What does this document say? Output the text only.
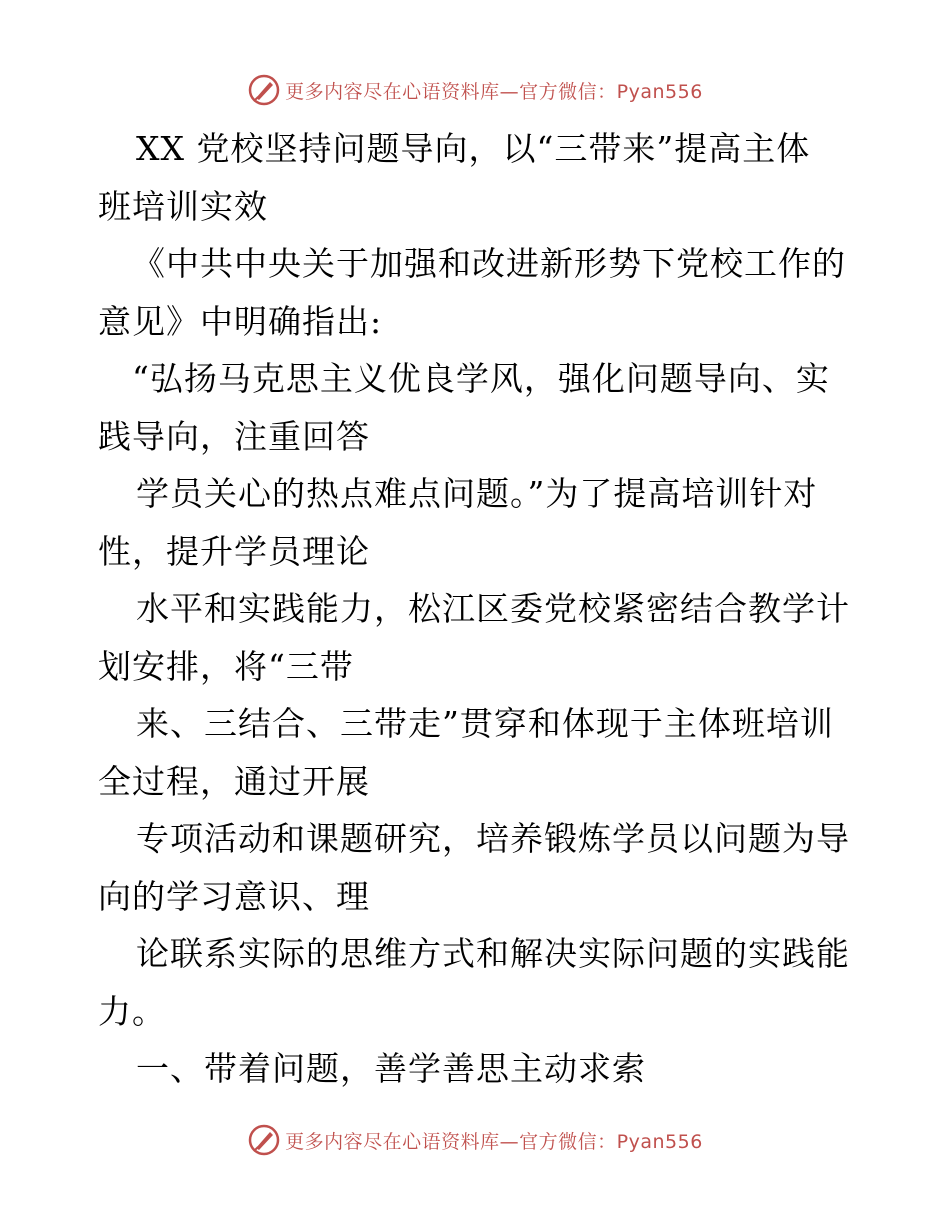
更多内容尽在心语资料库—官方微信：Pyan556
XX 党校坚持问题导向，以“三带来”提高主体
班培训实效
《中共中央关于加强和改进新形势下党校工作的
意见》中明确指出:
“弘扬马克思主义优良学风，强化问题导向、实
践导向，注重回答
学员关心的热点难点问题。”为了提高培训针对
性，提升学员理论
水平和实践能力，松江区委党校紧密结合教学计
划安排，将“三带
来、三结合、三带走”贯穿和体现于主体班培训
全过程，通过开展
专项活动和课题研究，培养锻炼学员以问题为导
向的学习意识、理
论联系实际的思维方式和解决实际问题的实践能
力。
一、带着问题，善学善思主动求索
更多内容尽在心语资料库—官方微信：Pyan556
